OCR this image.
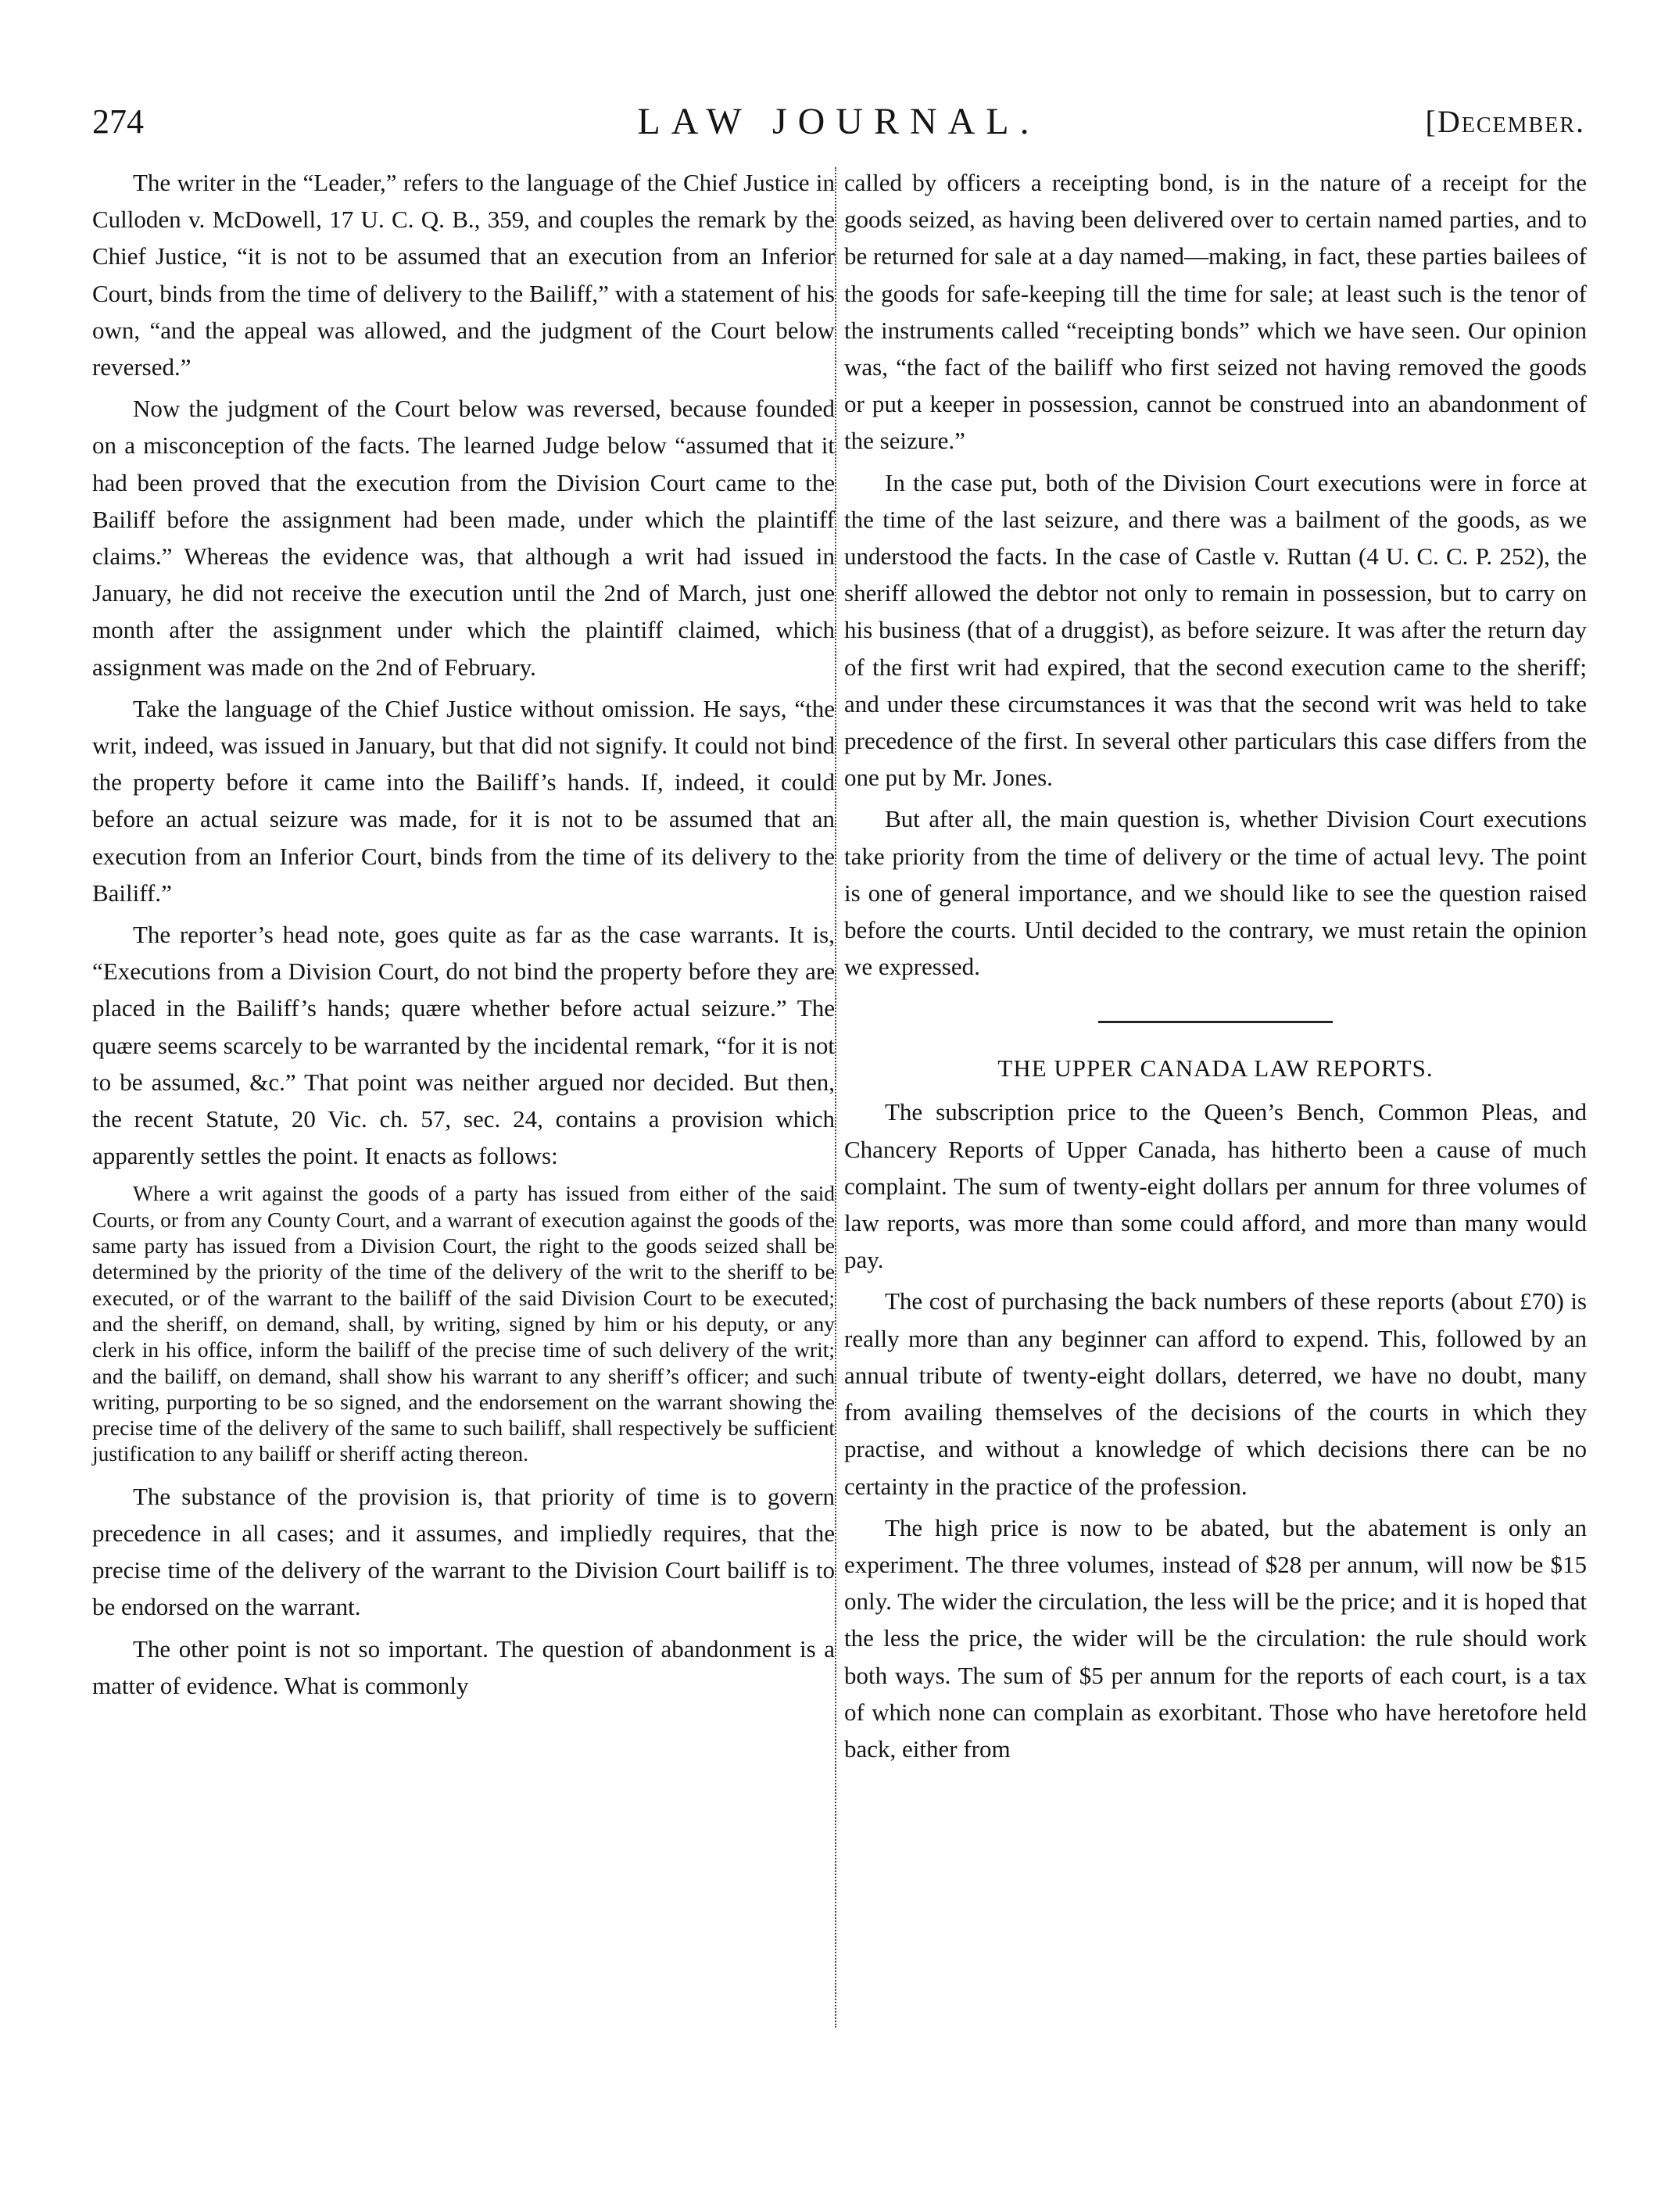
274	LAW JOURNAL.	[December.

The writer in the “Leader,” refers to the language of the Chief Justice in Culloden v. McDowell, 17 U. C. Q. B., 359, and couples the remark by the Chief Justice, “it is not to be assumed that an execution from an Inferior Court, binds from the time of delivery to the Bailiff,” with a statement of his own, “and the appeal was allowed, and the judgment of the Court below reversed.”

Now the judgment of the Court below was reversed, because founded on a misconception of the facts. The learned Judge below “assumed that it had been proved that the execution from the Division Court came to the Bailiff before the assignment had been made, under which the plaintiff claims.” Whereas the evidence was, that although a writ had issued in January, he did not receive the execution until the 2nd of March, just one month after the assignment under which the plaintiff claimed, which assignment was made on the 2nd of February.

Take the language of the Chief Justice without omission. He says, “the writ, indeed, was issued in January, but that did not signify. It could not bind the property before it came into the Bailiff’s hands. If, indeed, it could before an actual seizure was made, for it is not to be assumed that an execution from an Inferior Court, binds from the time of its delivery to the Bailiff.”

The reporter’s head note, goes quite as far as the case warrants. It is, “Executions from a Division Court, do not bind the property before they are placed in the Bailiff’s hands; quære whether before actual seizure.” The quære seems scarcely to be warranted by the incidental remark, “for it is not to be assumed, &c.” That point was neither argued nor decided. But then, the recent Statute, 20 Vic. ch. 57, sec. 24, contains a provision which apparently settles the point. It enacts as follows:

Where a writ against the goods of a party has issued from either of the said Courts, or from any County Court, and a warrant of execution against the goods of the same party has issued from a Division Court, the right to the goods seized shall be determined by the priority of the time of the delivery of the writ to the sheriff to be executed, or of the warrant to the bailiff of the said Division Court to be executed; and the sheriff, on demand, shall, by writing, signed by him or his deputy, or any clerk in his office, inform the bailiff of the precise time of such delivery of the writ; and the bailiff, on demand, shall show his warrant to any sheriff’s officer; and such writing, purporting to be so signed, and the endorsement on the warrant showing the precise time of the delivery of the same to such bailiff, shall respectively be sufficient justification to any bailiff or sheriff acting thereon.

The substance of the provision is, that priority of time is to govern precedence in all cases; and it assumes, and impliedly requires, that the precise time of the delivery of the warrant to the Division Court bailiff is to be endorsed on the warrant.

The other point is not so important. The question of abandonment is a matter of evidence. What is commonly

called by officers a receipting bond, is in the nature of a receipt for the goods seized, as having been delivered over to certain named parties, and to be returned for sale at a day named—making, in fact, these parties bailees of the goods for safe-keeping till the time for sale; at least such is the tenor of the instruments called “receipting bonds” which we have seen. Our opinion was, “the fact of the bailiff who first seized not having removed the goods or put a keeper in possession, cannot be construed into an abandonment of the seizure.”

In the case put, both of the Division Court executions were in force at the time of the last seizure, and there was a bailment of the goods, as we understood the facts. In the case of Castle v. Ruttan (4 U. C. C. P. 252), the sheriff allowed the debtor not only to remain in possession, but to carry on his business (that of a druggist), as before seizure. It was after the return day of the first writ had expired, that the second execution came to the sheriff; and under these circumstances it was that the second writ was held to take precedence of the first. In several other particulars this case differs from the one put by Mr. Jones.

But after all, the main question is, whether Division Court executions take priority from the time of delivery or the time of actual levy. The point is one of general importance, and we should like to see the question raised before the courts. Until decided to the contrary, we must retain the opinion we expressed.

THE UPPER CANADA LAW REPORTS.

The subscription price to the Queen’s Bench, Common Pleas, and Chancery Reports of Upper Canada, has hitherto been a cause of much complaint. The sum of twenty-eight dollars per annum for three volumes of law reports, was more than some could afford, and more than many would pay.

The cost of purchasing the back numbers of these reports (about £70) is really more than any beginner can afford to expend. This, followed by an annual tribute of twenty-eight dollars, deterred, we have no doubt, many from availing themselves of the decisions of the courts in which they practise, and without a knowledge of which decisions there can be no certainty in the practice of the profession.

The high price is now to be abated, but the abatement is only an experiment. The three volumes, instead of $28 per annum, will now be $15 only. The wider the circulation, the less will be the price; and it is hoped that the less the price, the wider will be the circulation: the rule should work both ways. The sum of $5 per annum for the reports of each court, is a tax of which none can complain as exorbitant. Those who have heretofore held back, either from
